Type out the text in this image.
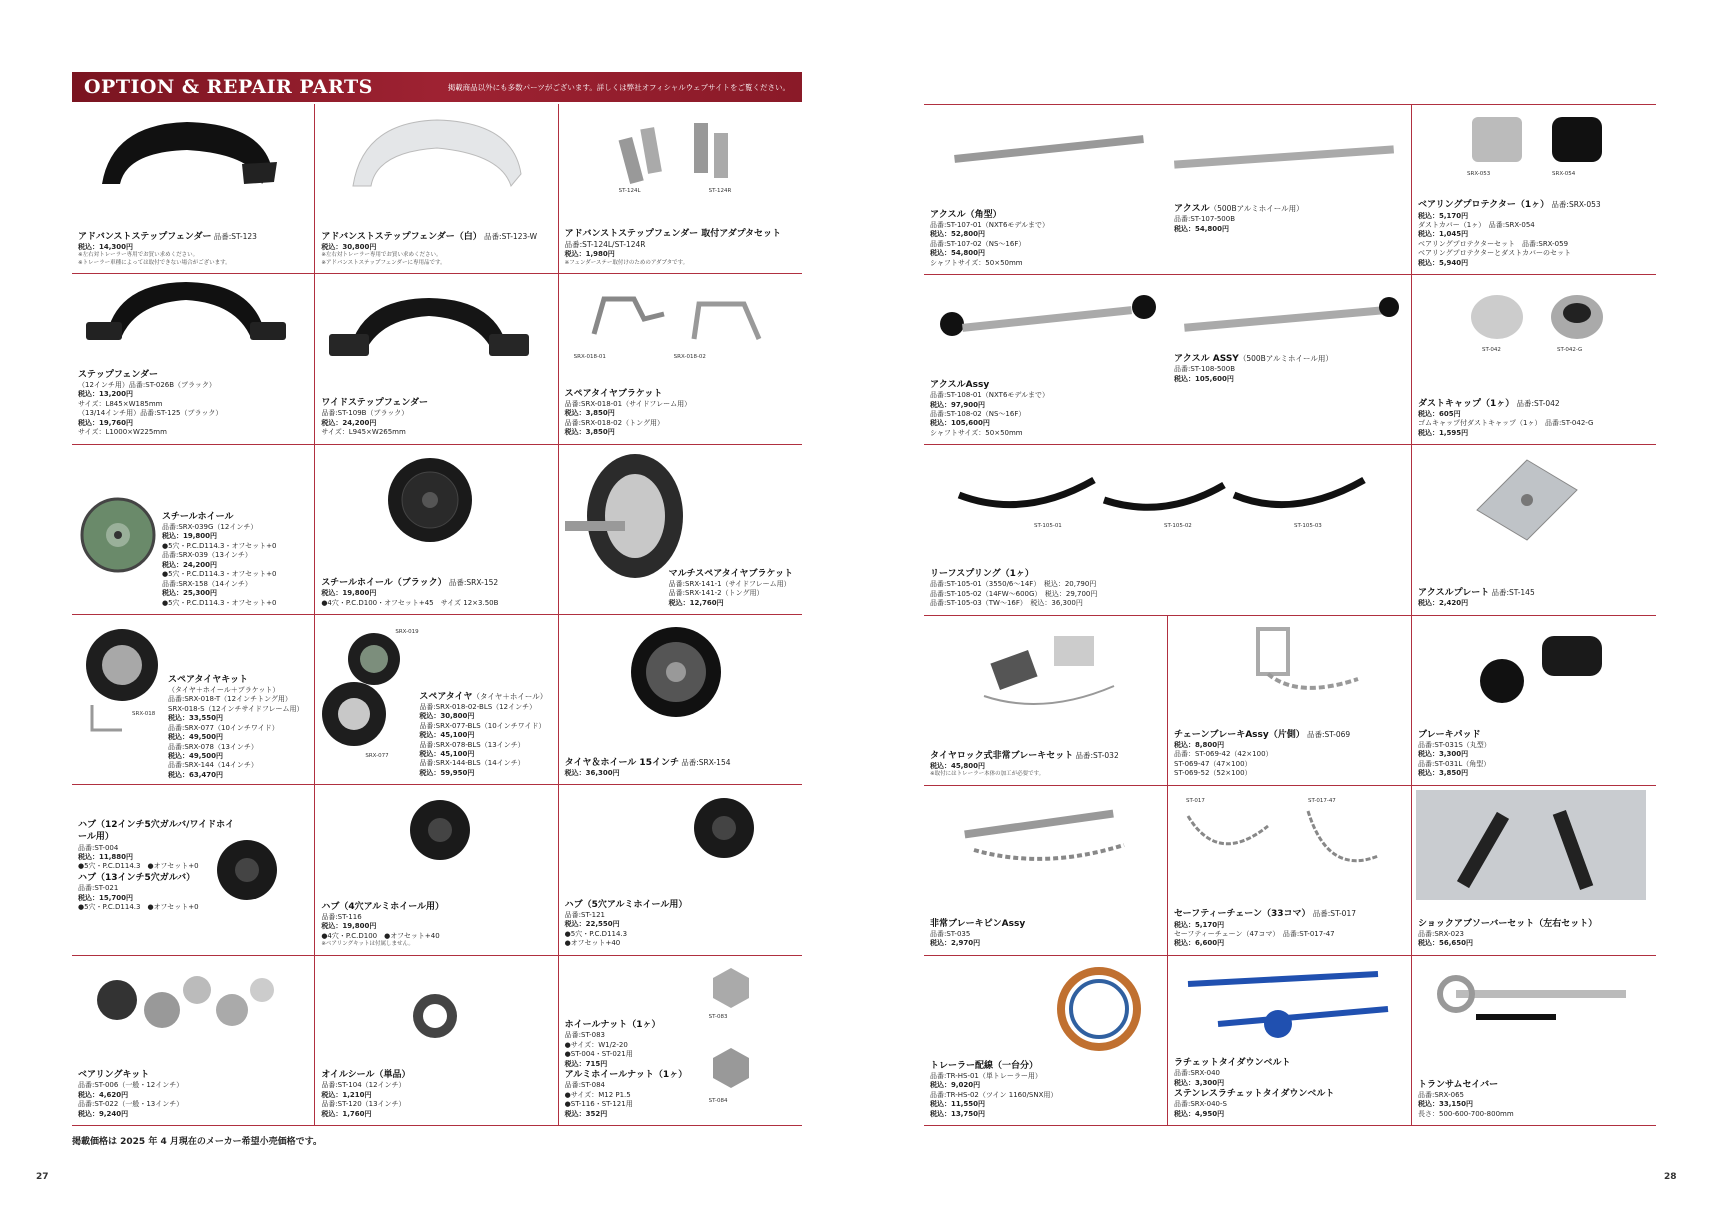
OPTION & REPAIR PARTS	掲載商品以外にも多数パーツがございます。詳しくは弊社オフィシャルウェブサイトをご覧ください。
アドバンストステップフェンダー 品番:ST-123
税込：14,300円
※左右対トレーラー専用でお買い求めください。
※トレーラー車種によっては取付できない場合がございます。
アドバンストステップフェンダー（白） 品番:ST-123-W
税込：30,800円
※左右対トレーラー専用でお買い求めください。
※アドバンストステップフェンダーに専用品です。
ST-124L	ST-124R
アドバンストステップフェンダー 取付アダプタセット
品番:ST-124L/ST-124R
税込：1,980円
※フェンダーステー取付けのためのアダプタです。
ステップフェンダー
（12インチ用）品番:ST-026B（ブラック）
税込：13,200円
サイズ：L845×W185mm
（13/14インチ用）品番:ST-125（ブラック）
税込：19,760円
サイズ：L1000×W225mm
ワイドステップフェンダー
品番:ST-109B（ブラック）
税込：24,200円
サイズ：L945×W265mm
SRX-018-01	SRX-018-02
スペアタイヤブラケット
品番:SRX-018-01（サイドフレーム用）
税込：3,850円
品番:SRX-018-02（トング用）
税込：3,850円
スチールホイール
品番:SRX-039G（12インチ）
税込：19,800円
●5穴・P.C.D114.3・オフセット+0
品番:SRX-039（13インチ）
税込：24,200円
●5穴・P.C.D114.3・オフセット+0
品番:SRX-158（14インチ）
税込：25,300円
●5穴・P.C.D114.3・オフセット+0
スチールホイール（ブラック） 品番:SRX-152
税込：19,800円
●4穴・P.C.D100・オフセット+45　サイズ 12×3.50B
マルチスペアタイヤブラケット
品番:SRX-141-1（サイドフレーム用）
品番:SRX-141-2（トング用）
税込：12,760円
SRX-018
スペアタイヤキット
（タイヤ＋ホイール＋ブラケット）
品番:SRX-018-T（12インチトング用）
SRX-018-S（12インチサイドフレーム用）
税込：33,550円
品番:SRX-077（10インチワイド）
税込：49,500円
品番:SRX-078（13インチ）
税込：49,500円
品番:SRX-144（14インチ）
税込：63,470円
SRX-019
SRX-077
スペアタイヤ（タイヤ＋ホイール）
品番:SRX-018-02-BLS（12インチ）
税込：30,800円
品番:SRX-077-BLS（10インチワイド）
税込：45,100円
品番:SRX-078-BLS（13インチ）
税込：45,100円
品番:SRX-144-BLS（14インチ）
税込：59,950円
タイヤ＆ホイール 15インチ 品番:SRX-154
税込：36,300円
ハブ（12インチ5穴ガルバ/ワイドホイール用）
品番:ST-004
税込：11,880円
●5穴・P.C.D114.3　●オフセット+0
ハブ（13インチ5穴ガルバ）
品番:ST-021
税込：15,700円
●5穴・P.C.D114.3　●オフセット+0	ハブ（4穴アルミホイール用）
品番:ST-116
税込：19,800円
●4穴・P.C.D100　●オフセット+40
※ベアリングキットは付属しません。
ハブ（5穴アルミホイール用）
品番:ST-121
税込：22,550円
●5穴・P.C.D114.3
●オフセット+40
ベアリングキット
品番:ST-006（一般・12インチ）
税込：4,620円
品番:ST-022（一般・13インチ）
税込：9,240円
オイルシール（単品）
品番:ST-104（12インチ）
税込：1,210円
品番:ST-120（13インチ）
税込：1,760円
ST-083
ST-084
ホイールナット（1ヶ）
品番:ST-083
●サイズ：W1/2-20
●ST-004・ST-021用
税込：715円
アルミホイールナット（1ヶ）
品番:ST-084
●サイズ：M12 P1.5
●ST-116・ST-121用
税込：352円
掲載価格は 2025 年 4 月現在のメーカー希望小売価格です。
27
アクスル（角型）
品番:ST-107-01（NXT6モデルまで）
税込：52,800円
品番:ST-107-02（NS〜16F）
税込：54,800円
シャフトサイズ：50×50mm
アクスル（500Bアルミホイール用）
品番:ST-107-500B
税込：54,800円
SRX-053	SRX-054
ベアリングプロテクター（1ヶ） 品番:SRX-053
税込：5,170円
ダストカバー（1ヶ）　品番:SRX-054
税込：1,045円
ベアリングプロテクターセット　品番:SRX-059
ベアリングプロテクターとダストカバーのセット
税込：5,940円
アクスルAssy
品番:ST-108-01（NXT6モデルまで）
税込：97,900円
品番:ST-108-02（NS〜16F）
税込：105,600円
シャフトサイズ：50×50mm
アクスル ASSY（500Bアルミホイール用）
品番:ST-108-500B
税込：105,600円
ST-042	ST-042-G
ダストキャップ（1ヶ） 品番:ST-042
税込：605円
ゴムキャップ付ダストキャップ（1ヶ）　品番:ST-042-G
税込：1,595円
ST-105-01	ST-105-02	ST-105-03
リーフスプリング（1ヶ）
品番:ST-105-01（3550/6〜14F）　税込：20,790円
品番:ST-105-02（14FW〜600G）　税込：29,700円
品番:ST-105-03（TW〜16F）　税込：36,300円
アクスルプレート 品番:ST-145
税込：2,420円
タイヤロック式非常ブレーキセット 品番:ST-032
税込：45,800円
※取付にはトレーラー本体の加工が必要です。
チェーンブレーキAssy（片側） 品番:ST-069
税込：8,800円
品番：ST-069-42（42×100）
ST-069-47（47×100）
ST-069-52（52×100）
ブレーキパッド
品番:ST-031S（丸型）
税込：3,300円
品番:ST-031L（角型）
税込：3,850円
非常ブレーキピンAssy
品番:ST-035
税込：2,970円
ST-017	ST-017-47
セーフティーチェーン（33コマ） 品番:ST-017
税込：5,170円
セーフティーチェーン（47コマ）　品番:ST-017-47
税込：6,600円
ショックアブソーバーセット（左右セット）
品番:SRX-023
税込：56,650円
トレーラー配線（一台分）
品番:TR-HS-01（単トレーラー用）
税込：9,020円
品番:TR-HS-02（ツイン 1160/SNX用）
税込：11,550円
税込：13,750円
ラチェットタイダウンベルト
品番:SRX-040
税込：3,300円
ステンレスラチェットタイダウンベルト
品番:SRX-040-S
税込：4,950円
トランサムセイバー
品番:SRX-065
税込：33,150円
長さ：500-600-700-800mm
28
